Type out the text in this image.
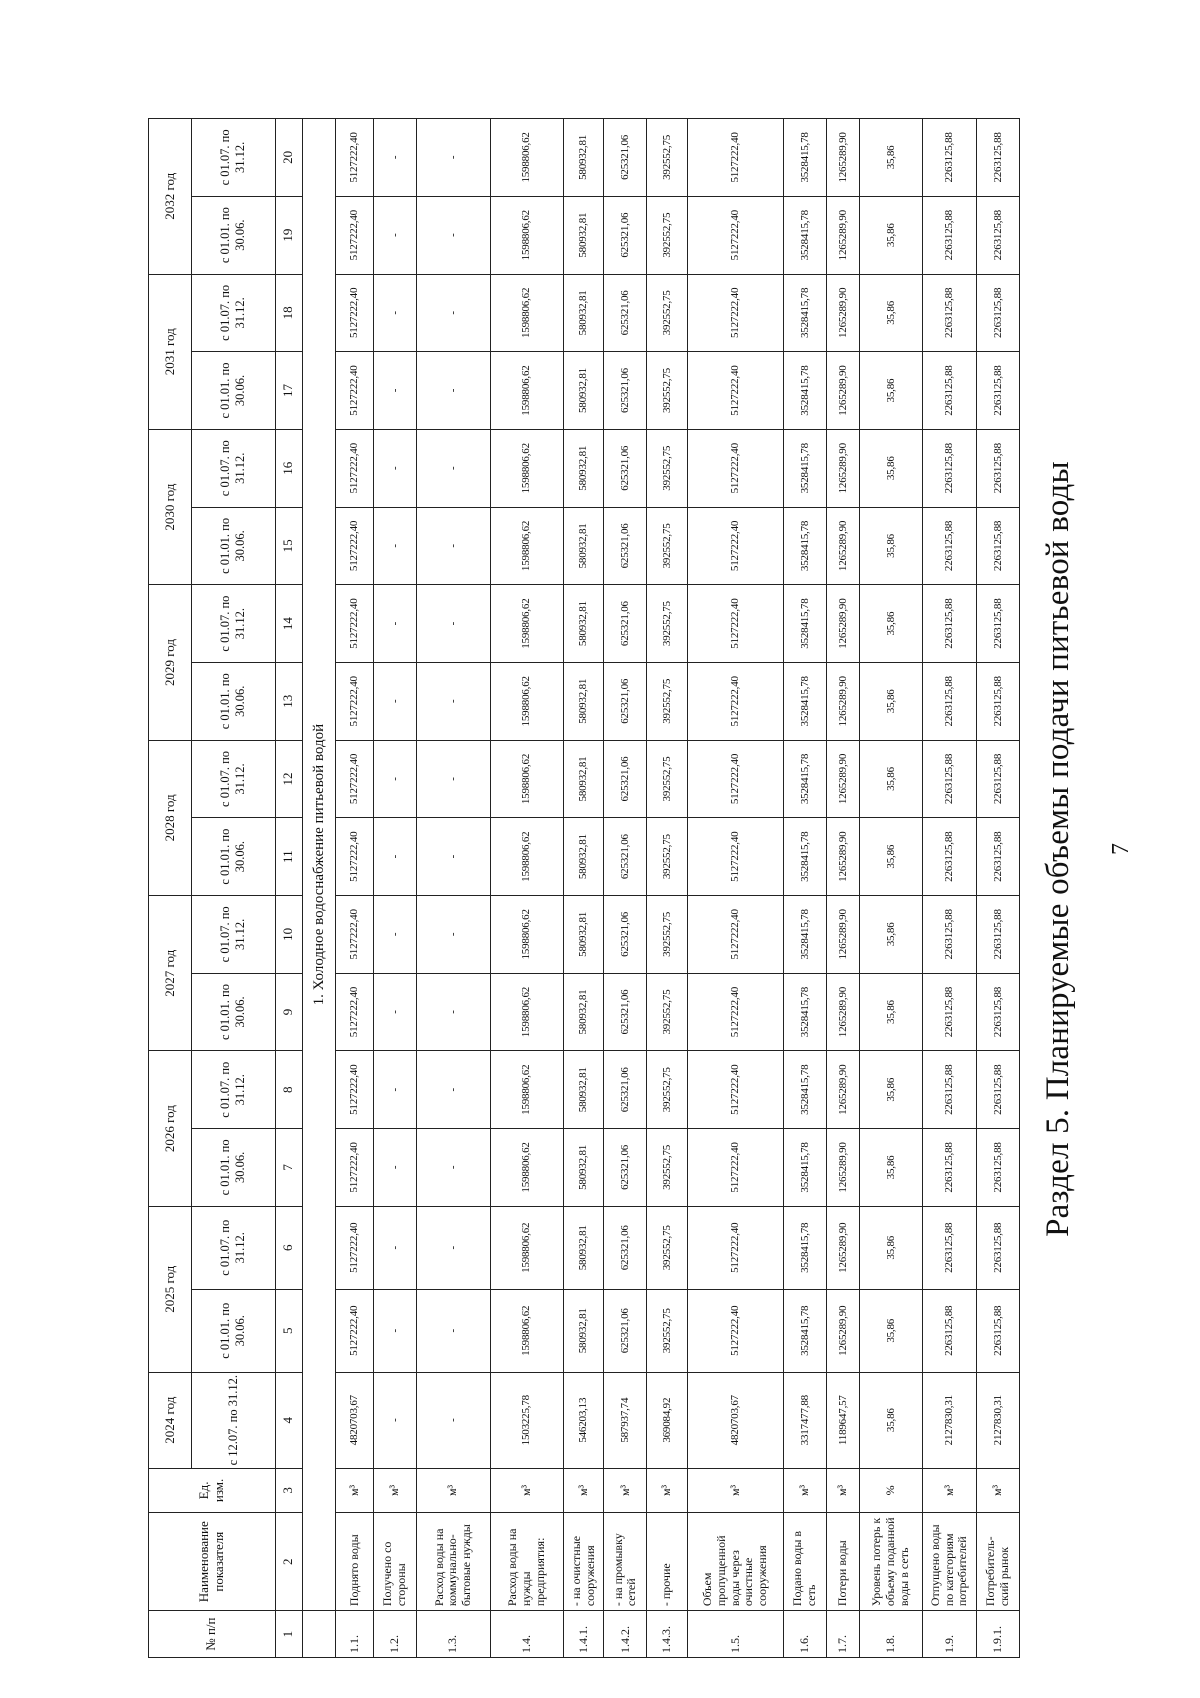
7
Раздел 5. Планируемые объемы подачи питьевой воды
№ п/п	Наименование показателя	Ед. изм.	2024 год	2025 год		2026 год		2027 год		2028 год		2029 год		2030 год		2031 год		2032 год	
			с 12.07. по 31.12.	с 01.01. по 30.06.	с 01.07. по 31.12.	с 01.01. по 30.06.	с 01.07. по 31.12.	с 01.01. по 30.06.	с 01.07. по 31.12.	с 01.01. по 30.06.	с 01.07. по 31.12.	с 01.01. по 30.06.	с 01.07. по 31.12.	с 01.01. по 30.06.	с 01.07. по 31.12.	с 01.01. по 30.06.	с 01.07. по 31.12.	с 01.01. по 30.06.	с 01.07. по 31.12.
1	2	3	4	5	6	7	8	9	10	11	12	13	14	15	16	17	18	19	20
	1. Холодное водоснабжение питьевой водой																		
1.1.	Поднято воды	м³	4820703,67	5127222,40	5127222,40	5127222,40	5127222,40	5127222,40	5127222,40	5127222,40	5127222,40	5127222,40	5127222,40	5127222,40	5127222,40	5127222,40	5127222,40	5127222,40	5127222,40
1.2.	Получено со стороны	м³	-	-	-	-	-	-	-	-	-	-	-	-	-	-	-	-	-
1.3.	Расход воды на коммунально-бытовые нужды	м³	-	-	-	-	-	-	-	-	-	-	-	-	-	-	-	-	-
1.4.	Расход воды на нужды предприятия:	м³	1503225,78	1598806,62	1598806,62	1598806,62	1598806,62	1598806,62	1598806,62	1598806,62	1598806,62	1598806,62	1598806,62	1598806,62	1598806,62	1598806,62	1598806,62	1598806,62	1598806,62
1.4.1.	- на очистные сооружения	м³	546203,13	580932,81	580932,81	580932,81	580932,81	580932,81	580932,81	580932,81	580932,81	580932,81	580932,81	580932,81	580932,81	580932,81	580932,81	580932,81	580932,81
1.4.2.	- на промывку сетей	м³	587937,74	625321,06	625321,06	625321,06	625321,06	625321,06	625321,06	625321,06	625321,06	625321,06	625321,06	625321,06	625321,06	625321,06	625321,06	625321,06	625321,06
1.4.3.	- прочие	м³	369084,92	392552,75	392552,75	392552,75	392552,75	392552,75	392552,75	392552,75	392552,75	392552,75	392552,75	392552,75	392552,75	392552,75	392552,75	392552,75	392552,75
1.5.	Объем пропущенной воды через очистные сооружения	м³	4820703,67	5127222,40	5127222,40	5127222,40	5127222,40	5127222,40	5127222,40	5127222,40	5127222,40	5127222,40	5127222,40	5127222,40	5127222,40	5127222,40	5127222,40	5127222,40	5127222,40
1.6.	Подано воды в сеть	м³	3317477,88	3528415,78	3528415,78	3528415,78	3528415,78	3528415,78	3528415,78	3528415,78	3528415,78	3528415,78	3528415,78	3528415,78	3528415,78	3528415,78	3528415,78	3528415,78	3528415,78
1.7.	Потери воды	м³	1189647,57	1265289,90	1265289,90	1265289,90	1265289,90	1265289,90	1265289,90	1265289,90	1265289,90	1265289,90	1265289,90	1265289,90	1265289,90	1265289,90	1265289,90	1265289,90	1265289,90
1.8.	Уровень потерь к объему поданной воды в сеть	%	35,86	35,86	35,86	35,86	35,86	35,86	35,86	35,86	35,86	35,86	35,86	35,86	35,86	35,86	35,86	35,86	35,86
1.9.	Отпущено воды по категориям потребителей	м³	2127830,31	2263125,88	2263125,88	2263125,88	2263125,88	2263125,88	2263125,88	2263125,88	2263125,88	2263125,88	2263125,88	2263125,88	2263125,88	2263125,88	2263125,88	2263125,88	2263125,88
1.9.1.	Потребитель-ский рынок	м³	2127830,31	2263125,88	2263125,88	2263125,88	2263125,88	2263125,88	2263125,88	2263125,88	2263125,88	2263125,88	2263125,88	2263125,88	2263125,88	2263125,88	2263125,88	2263125,88	2263125,88
